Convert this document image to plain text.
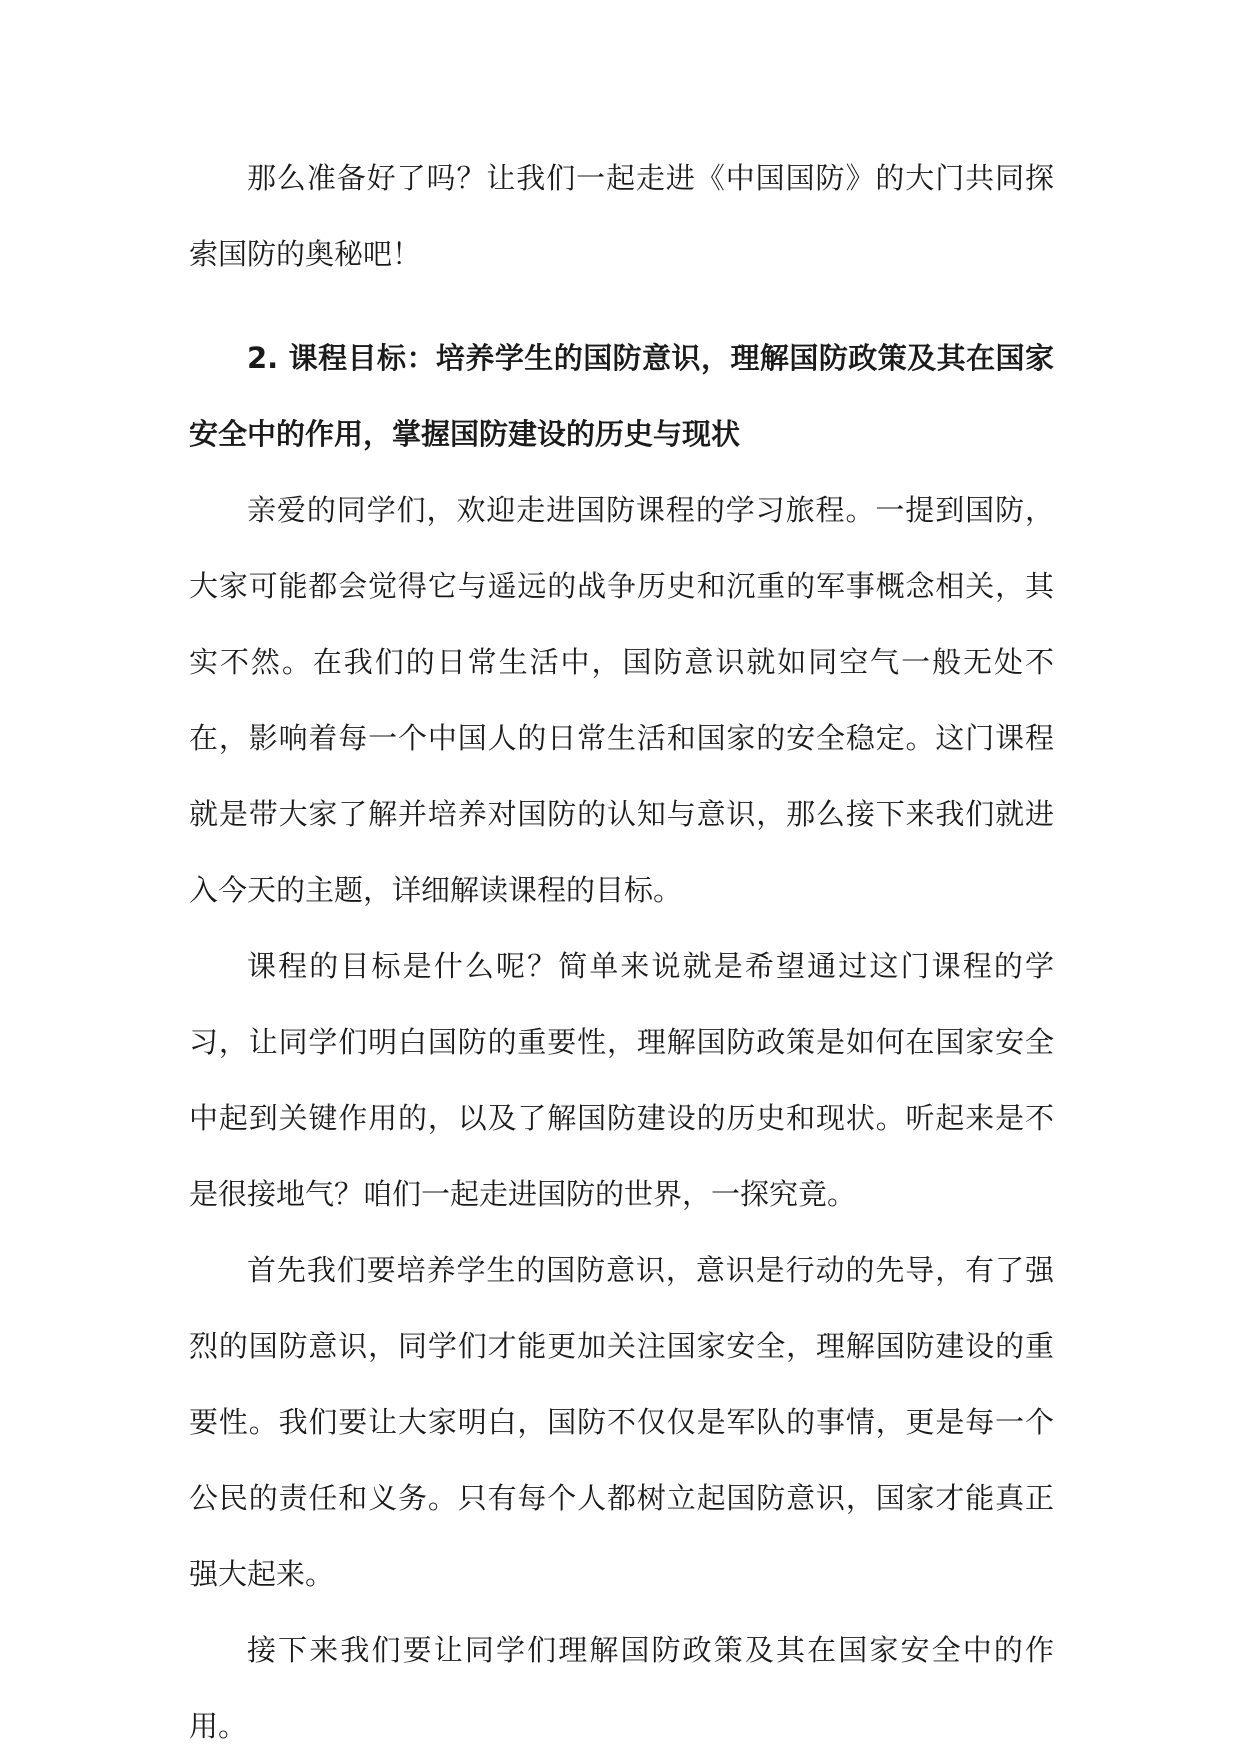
那么准备好了吗？让我们一起走进《中国国防》的大门共同探索国防的奥秘吧！

2. 课程目标：培养学生的国防意识，理解国防政策及其在国家安全中的作用，掌握国防建设的历史与现状

亲爱的同学们，欢迎走进国防课程的学习旅程。一提到国防，大家可能都会觉得它与遥远的战争历史和沉重的军事概念相关，其实不然。在我们的日常生活中，国防意识就如同空气一般无处不在，影响着每一个中国人的日常生活和国家的安全稳定。这门课程就是带大家了解并培养对国防的认知与意识，那么接下来我们就进入今天的主题，详细解读课程的目标。

课程的目标是什么呢？简单来说就是希望通过这门课程的学习，让同学们明白国防的重要性，理解国防政策是如何在国家安全中起到关键作用的，以及了解国防建设的历史和现状。听起来是不是很接地气？咱们一起走进国防的世界，一探究竟。

首先我们要培养学生的国防意识，意识是行动的先导，有了强烈的国防意识，同学们才能更加关注国家安全，理解国防建设的重要性。我们要让大家明白，国防不仅仅是军队的事情，更是每一个公民的责任和义务。只有每个人都树立起国防意识，国家才能真正强大起来。

接下来我们要让同学们理解国防政策及其在国家安全中的作用。
